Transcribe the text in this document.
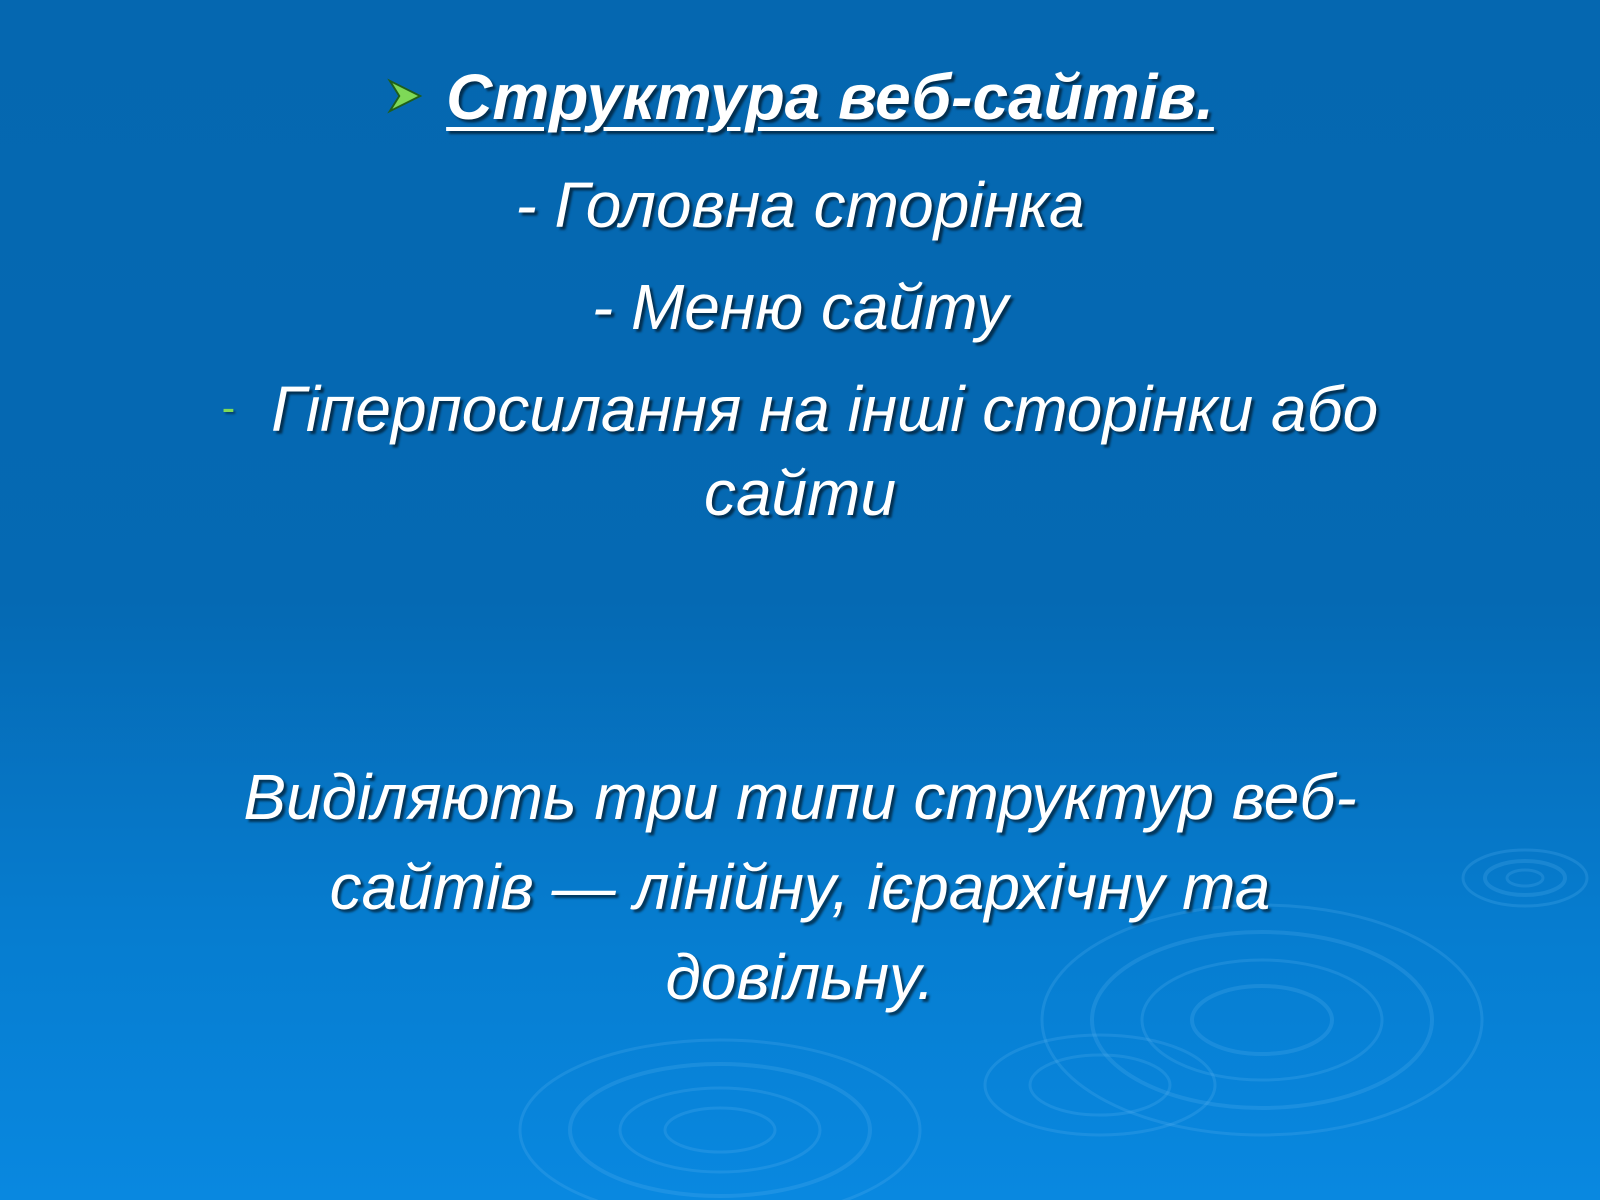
Структура веб-сайтів.
- Головна сторінка
- Меню сайту
- Гіперпосилання на інші сторінки або
сайти
Виділяють три типи структур веб-
сайтів — лінійну, ієрархічну та
довільну.
